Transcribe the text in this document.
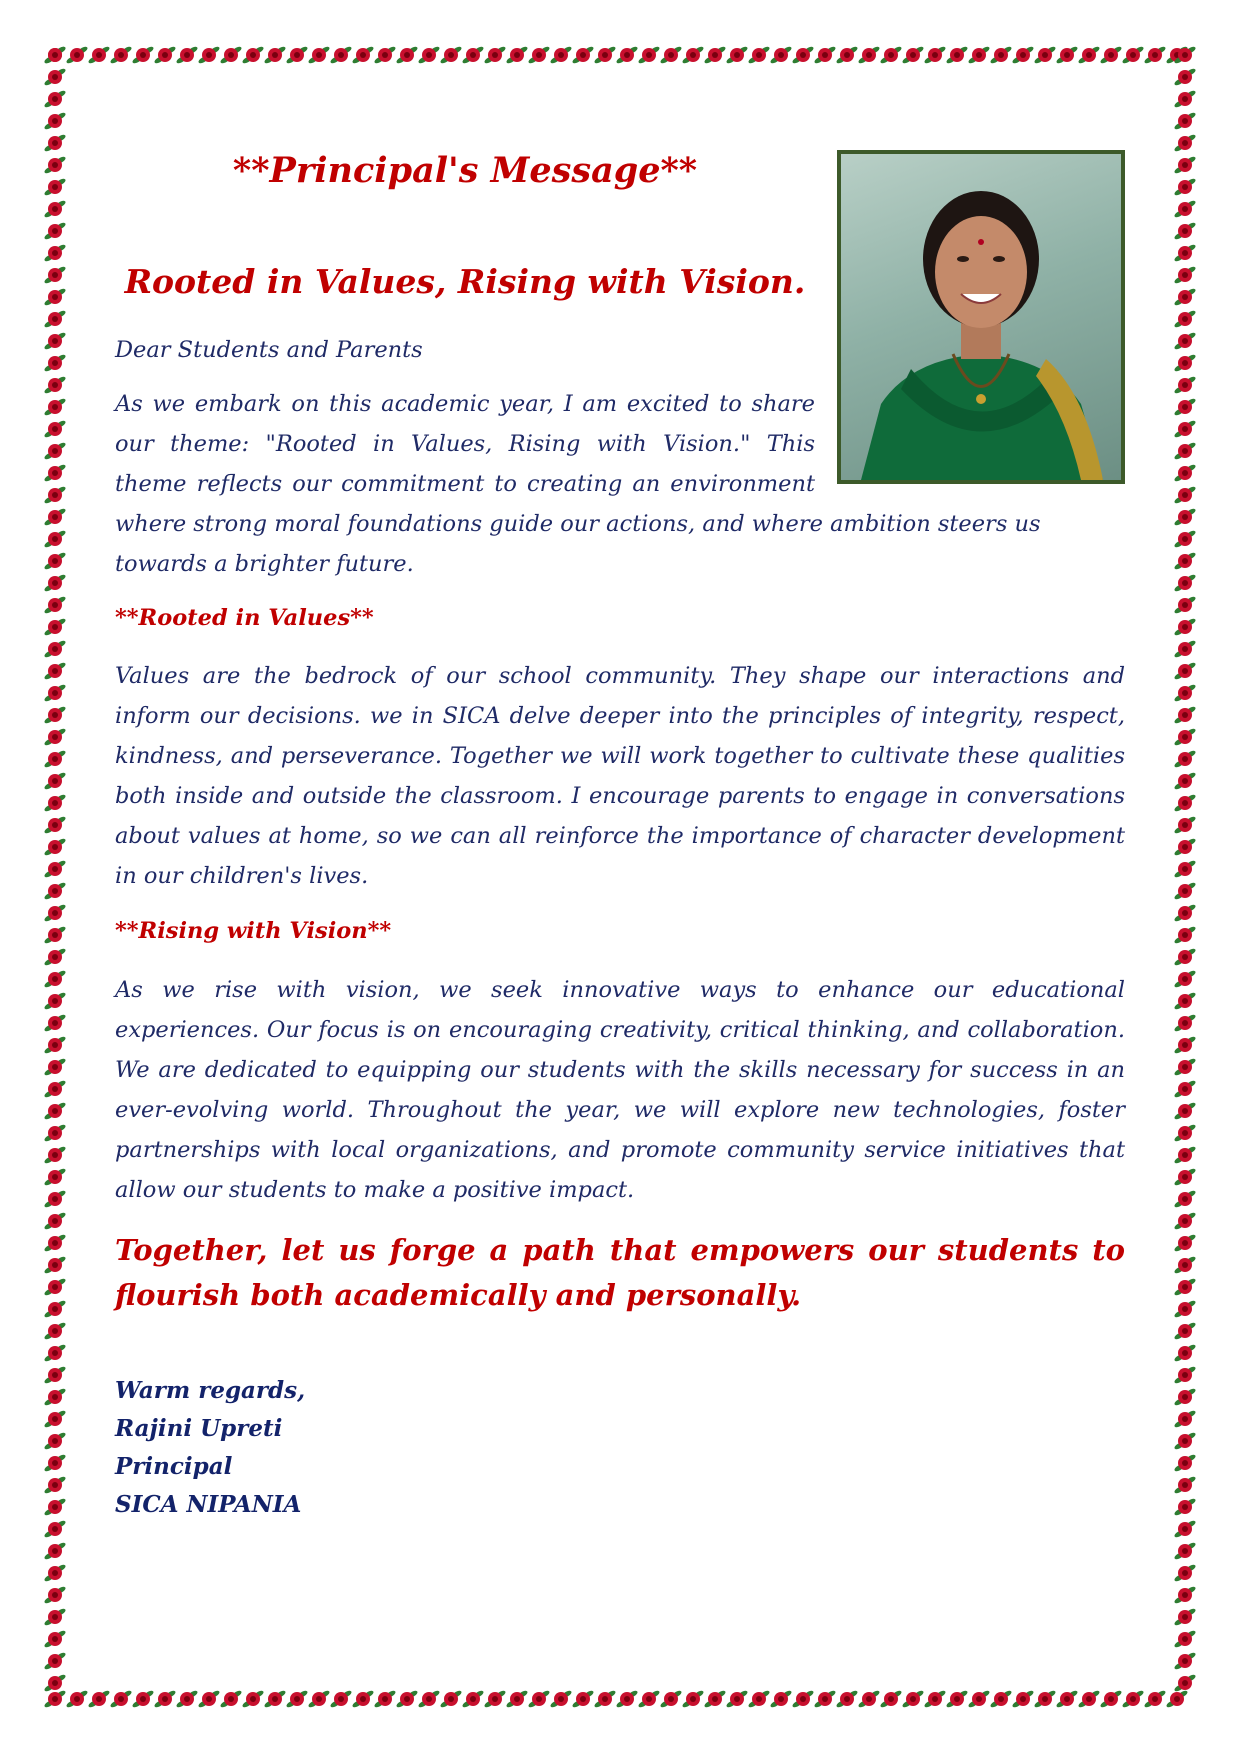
**Principal's Message**
Rooted in Values, Rising with Vision.

Dear Students and Parents

As we embark on this academic year, I am excited to share
our theme: "Rooted in Values, Rising with Vision." This
theme reflects our commitment to creating an environment

where strong moral foundations guide our actions, and where ambition steers us towards a brighter future.

**Rooted in Values**

Values are the bedrock of our school community. They shape our interactions and inform our decisions. we in SICA delve deeper into the principles of integrity, respect, kindness, and perseverance. Together we will work together to cultivate these qualities both inside and outside the classroom. I encourage parents to engage in conversations about values at home, so we can all reinforce the importance of character development in our children's lives.

**Rising with Vision**

As we rise with vision, we seek innovative ways to enhance our educational experiences. Our focus is on encouraging creativity, critical thinking, and collaboration. We are dedicated to equipping our students with the skills necessary for success in an ever-evolving world. Throughout the year, we will explore new technologies, foster partnerships with local organizations, and promote community service initiatives that allow our students to make a positive impact.

Together, let us forge a path that empowers our students to flourish both academically and personally.

Warm regards,
Rajini Upreti
Principal
SICA NIPANIA
